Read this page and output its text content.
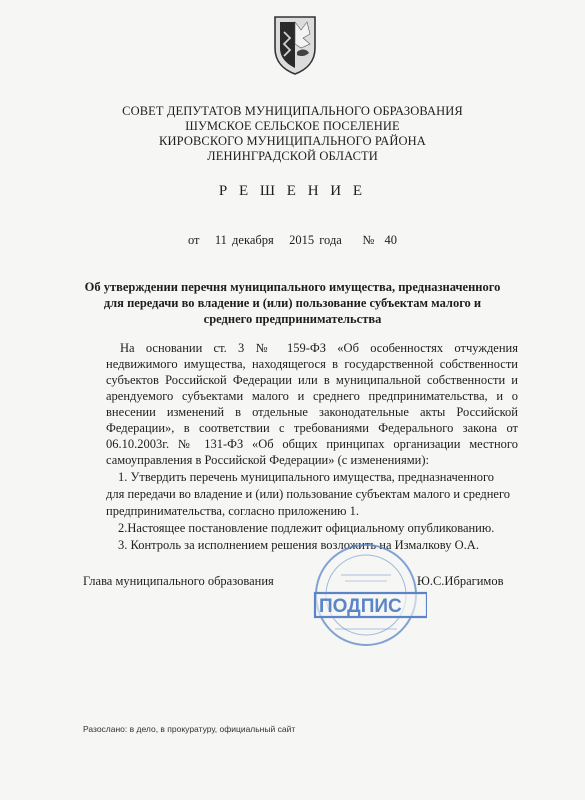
СОВЕТ ДЕПУТАТОВ МУНИЦИПАЛЬНОГО ОБРАЗОВАНИЯ
ШУМСКОЕ СЕЛЬСКОЕ ПОСЕЛЕНИЕ
КИРОВСКОГО МУНИЦИПАЛЬНОГО РАЙОНА
ЛЕНИНГРАДСКОЙ ОБЛАСТИ
Р Е Ш Е Н И Е
от   11 декабря   2015 года    №  40
Об утверждении перечня муниципального имущества, предназначенного
для передачи во владение и (или) пользование субъектам малого и
среднего предпринимательства
На основании ст. 3 № 159-ФЗ «Об особенностях отчуждения
недвижимого имущества, находящегося в государственной собственности
субъектов Российской Федерации или в муниципальной собственности и
арендуемого субъектами малого и среднего предпринимательства, и о
внесении изменений в отдельные законодательные акты Российской
Федерации», в соответствии с требованиями Федерального закона от
06.10.2003г. № 131-ФЗ «Об общих принципах организации местного
самоуправления в Российской Федерации» (с изменениями):
1. Утвердить перечень муниципального имущества, предназначенного
для передачи во владение и (или) пользование субъектам малого и среднего
предпринимательства, согласно приложению 1.
2.Настоящее постановление подлежит официальному опубликованию.
3. Контроль за исполнением решения возложить на Измалкову О.А.
ПОДПИС
Глава муниципального образования	Ю.С.Ибрагимов
Разослано: в дело, в прокуратуру, официальный сайт
